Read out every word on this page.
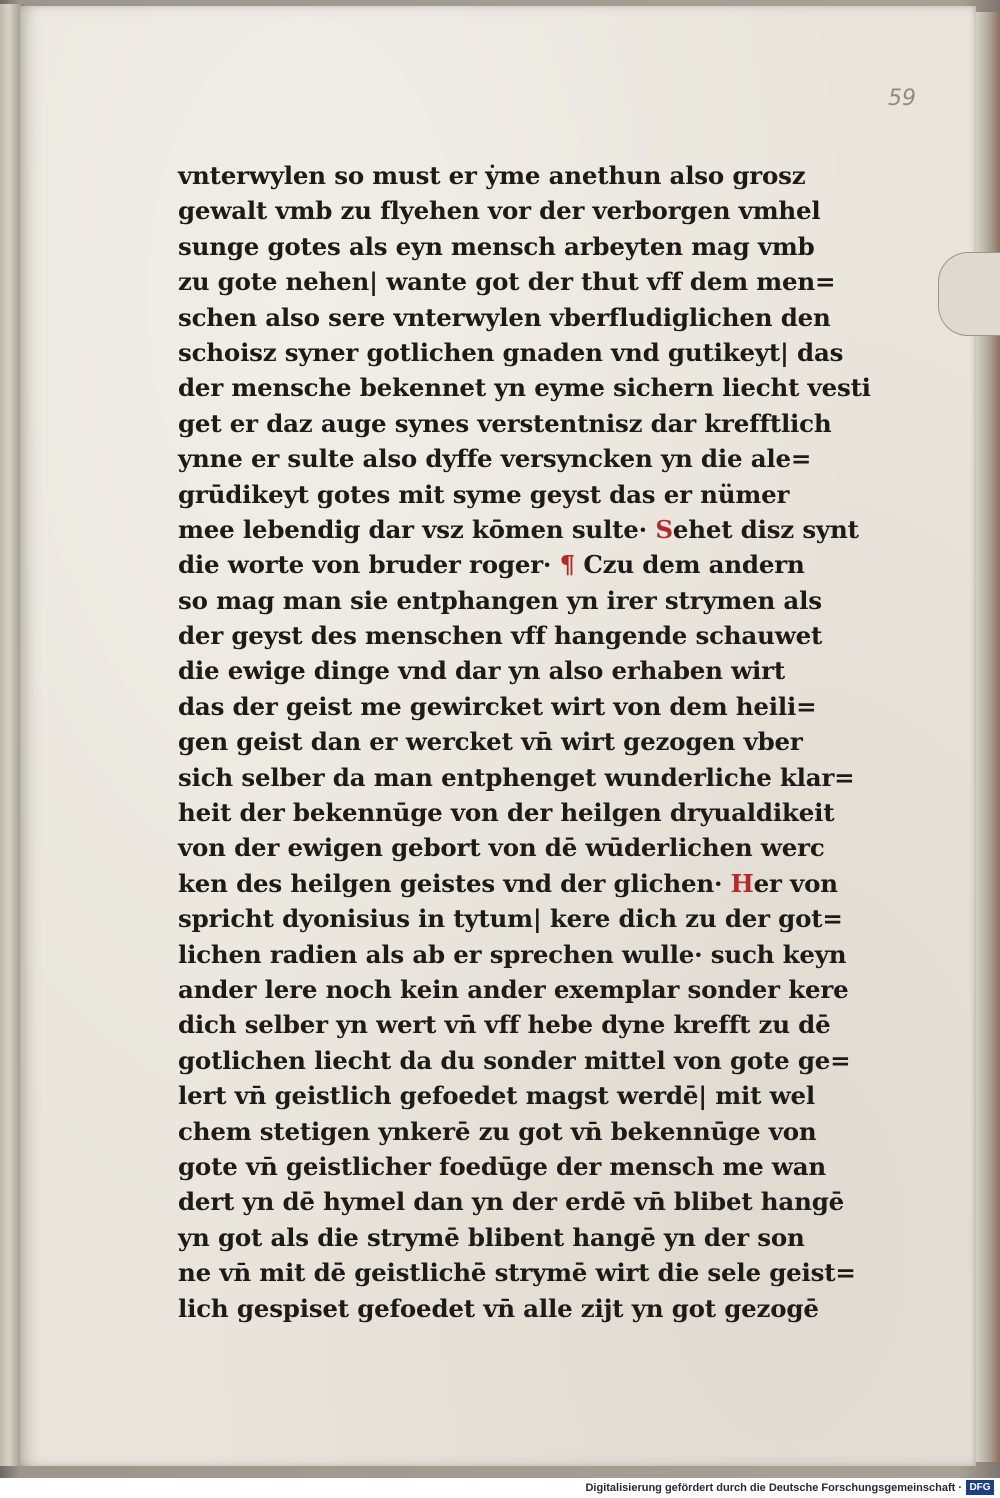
59
vnterwylen so must er ẏme anethun also grosz
gewalt vmb zu flyehen vor der verborgen vmhel
sunge gotes als eyn mensch arbeyten mag vmb
zu gote nehen| wante got der thut vff dem men=
schen also sere vnterwylen vberfludiglichen den
schoisz syner gotlichen gnaden vnd gutikeyt| das
der mensche bekennet yn eyme sichern liecht vesti
get er daz auge synes verstentnisz dar krefftlich
ynne er sulte also dyffe versyncken yn die ale=
grūdikeyt gotes mit syme geyst das er nümer
mee lebendig dar vsz kōmen sulte· Sehet disz synt
die worte von bruder roger· ¶ Czu dem andern
so mag man sie entphangen yn irer strymen als
der geyst des menschen vff hangende schauwet
die ewige dinge vnd dar yn also erhaben wirt
das der geist me gewircket wirt von dem heili=
gen geist dan er wercket vn̄ wirt gezogen vber
sich selber da man entphenget wunderliche klar=
heit der bekennūge von der heilgen dryualdikeit
von der ewigen gebort von dē wūderlichen werc
ken des heilgen geistes vnd der glichen· Her von
spricht dyonisius in tytum| kere dich zu der got=
lichen radien als ab er sprechen wulle· such keyn
ander lere noch kein ander exemplar sonder kere
dich selber yn wert vn̄ vff hebe dyne krefft zu dē
gotlichen liecht da du sonder mittel von gote ge=
lert vn̄ geistlich gefoedet magst werdē| mit wel
chem stetigen ynkerē zu got vn̄ bekennūge von
gote vn̄ geistlicher foedūge der mensch me wan
dert yn dē hymel dan yn der erdē vn̄ blibet hangē
yn got als die strymē blibent hangē yn der son
ne vn̄ mit dē geistlichē strymē wirt die sele geist=
lich gespiset gefoedet vn̄ alle zijt yn got gezogē
Digitalisierung gefördert durch die Deutsche Forschungsgemeinschaft · DFG
